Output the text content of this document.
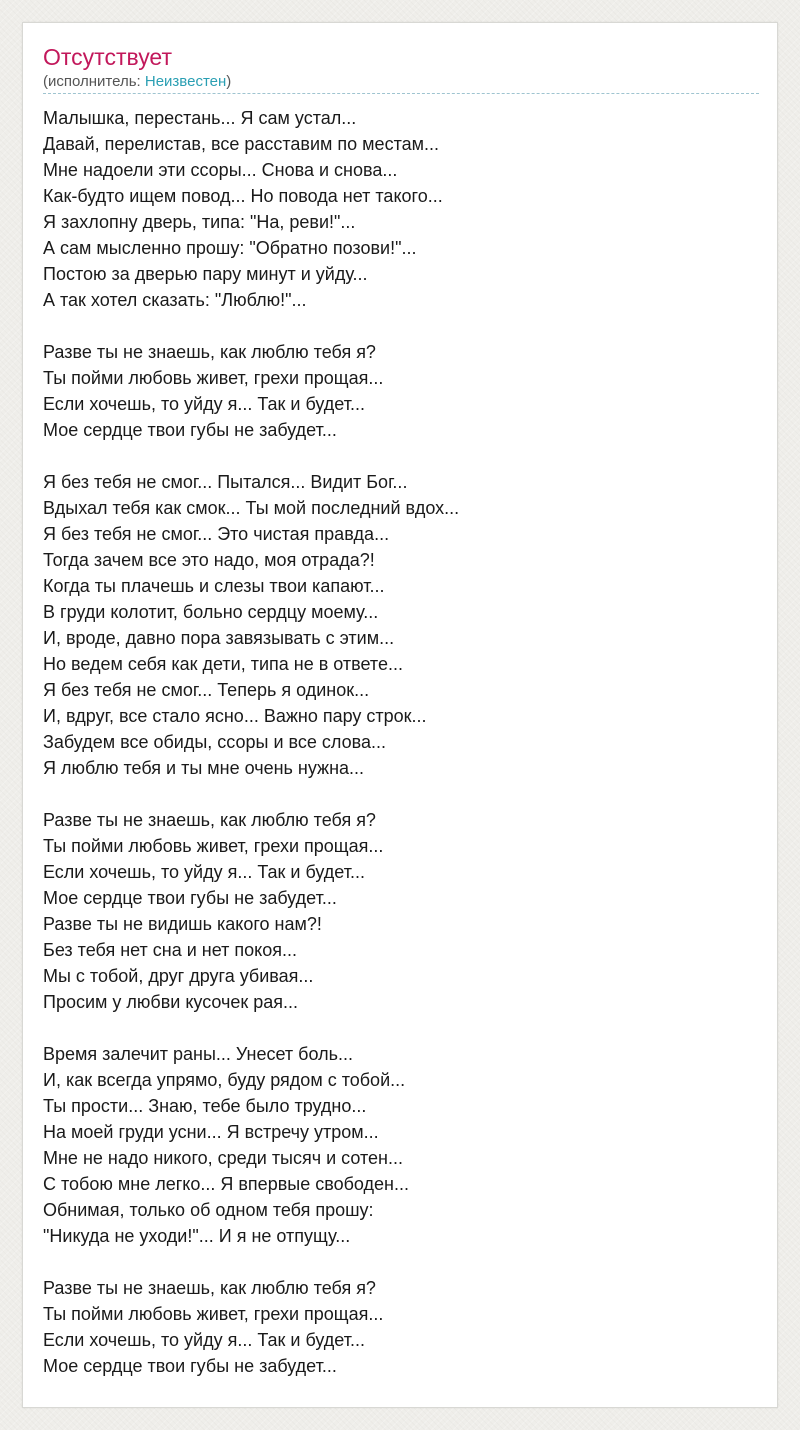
Отсутствует
(исполнитель: Неизвестен)
Малышка, перестань... Я сам устал...
Давай, перелистав, все расставим по местам...
Мне надоели эти ссоры... Снова и снова...
Как-будто ищем повод... Но повода нет такого...
Я захлопну дверь, типа: "На, реви!"...
А сам мысленно прошу: "Обратно позови!"...
Постою за дверью пару минут и уйду...
А так хотел сказать: "Люблю!"...
Разве ты не знаешь, как люблю тебя я?
Ты пойми любовь живет, грехи прощая...
Если хочешь, то уйду я... Так и будет...
Мое сердце твои губы не забудет...
Я без тебя не смог... Пытался... Видит Бог...
Вдыхал тебя как смок... Ты мой последний вдох...
Я без тебя не смог... Это чистая правда...
Тогда зачем все это надо, моя отрада?!
Когда ты плачешь и слезы твои капают...
В груди колотит, больно сердцу моему...
И, вроде, давно пора завязывать с этим...
Но ведем себя как дети, типа не в ответе...
Я без тебя не смог... Теперь я одинок...
И, вдруг, все стало ясно... Важно пару строк...
Забудем все обиды, ссоры и все слова...
Я люблю тебя и ты мне очень нужна...
Разве ты не знаешь, как люблю тебя я?
Ты пойми любовь живет, грехи прощая...
Если хочешь, то уйду я... Так и будет...
Мое сердце твои губы не забудет...
Разве ты не видишь какого нам?!
Без тебя нет сна и нет покоя...
Мы с тобой, друг друга убивая...
Просим у любви кусочек рая...
Время залечит раны... Унесет боль...
И, как всегда упрямо, буду рядом с тобой...
Ты прости... Знаю, тебе было трудно...
На моей груди усни... Я встречу утром...
Мне не надо никого, среди тысяч и сотен...
С тобою мне легко... Я впервые свободен...
Обнимая, только об одном тебя прошу:
"Никуда не уходи!"... И я не отпущу...
Разве ты не знаешь, как люблю тебя я?
Ты пойми любовь живет, грехи прощая...
Если хочешь, то уйду я... Так и будет...
Мое сердце твои губы не забудет...
